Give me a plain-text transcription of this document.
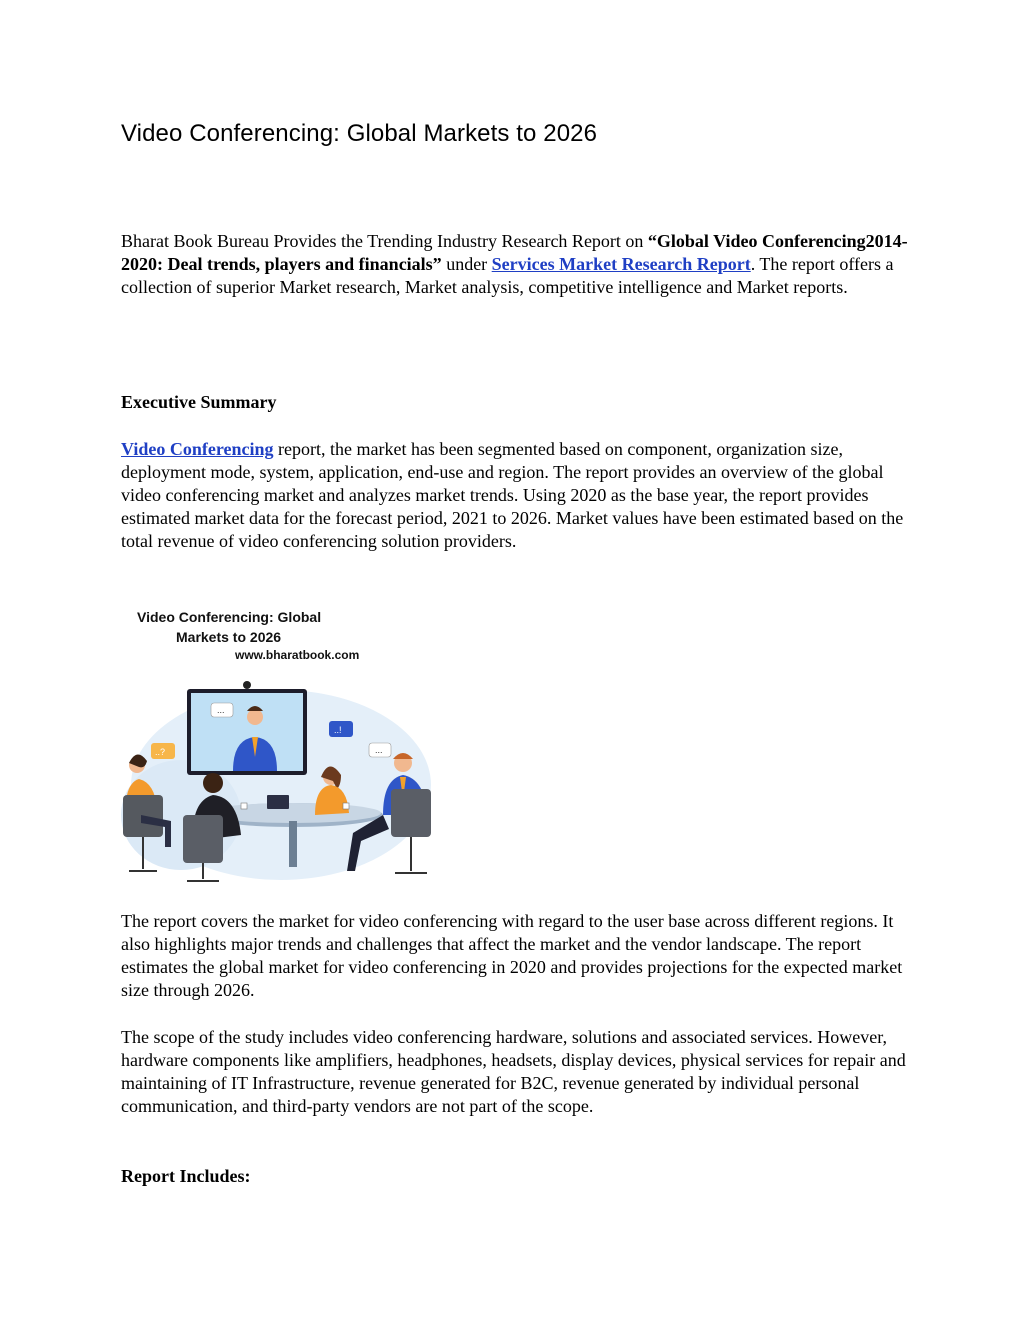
Video Conferencing: Global Markets to 2026

Bharat Book Bureau Provides the Trending Industry Research Report on “Global Video Conferencing2014-2020: Deal trends, players and financials” under Services Market Research Report. The report offers a collection of superior Market research, Market analysis, competitive intelligence and Market reports.

Executive Summary

Video Conferencing report, the market has been segmented based on component, organization size, deployment mode, system, application, end-use and region. The report provides an overview of the global video conferencing market and analyzes market trends. Using 2020 as the base year, the report provides estimated market data for the forecast period, 2021 to 2026. Market values have been estimated based on the total revenue of video conferencing solution providers.

Video Conferencing: Global
Markets to 2026
www.bharatbook.com
...
..?
..!
...

The report covers the market for video conferencing with regard to the user base across different regions. It also highlights major trends and challenges that affect the market and the vendor landscape. The report estimates the global market for video conferencing in 2020 and provides projections for the expected market size through 2026.

The scope of the study includes video conferencing hardware, solutions and associated services. However, hardware components like amplifiers, headphones, headsets, display devices, physical services for repair and maintaining of IT Infrastructure, revenue generated for B2C, revenue generated by individual personal communication, and third-party vendors are not part of the scope.

Report Includes:
